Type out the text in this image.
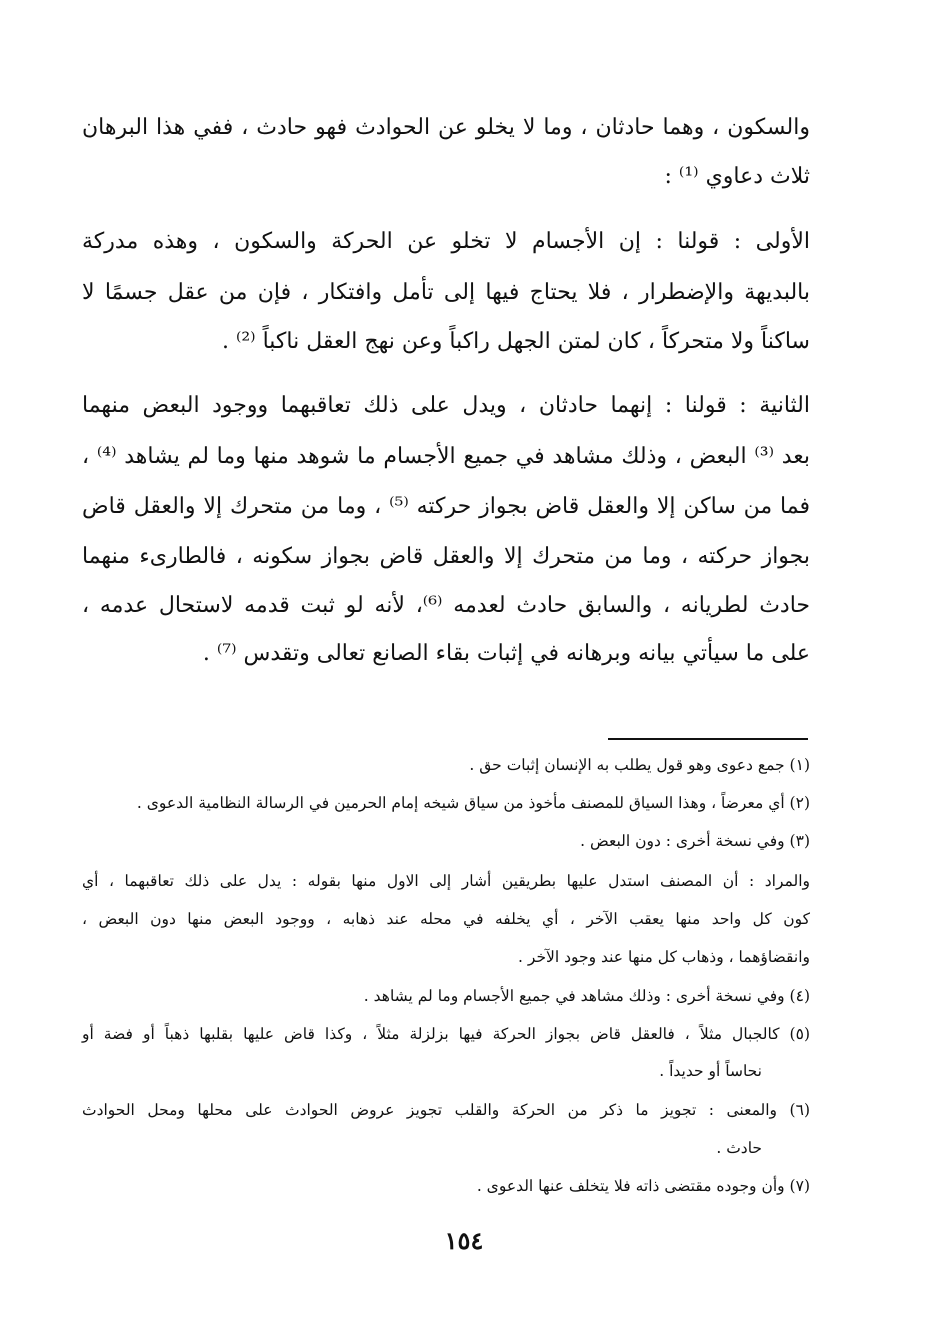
والسكون ، وهما حادثان ، وما لا يخلو عن الحوادث فهو حادث ، ففي هذا البرهان
ثلاث دعاوي ⁽¹⁾ :
الأولى : قولنا : إن الأجسام لا تخلو عن الحركة والسكون ، وهذه مدركة
بالبديهة والإضطرار ، فلا يحتاج فيها إلى تأمل وافتكار ، فإن من عقل جسمًا لا
ساكناً ولا متحركاً ، كان لمتن الجهل راكباً وعن نهج العقل ناكباً ⁽²⁾ .
الثانية : قولنا : إنهما حادثان ، ويدل على ذلك تعاقبهما ووجود البعض منهما
بعد ⁽³⁾ البعض ، وذلك مشاهد في جميع الأجسام ما شوهد منها وما لم يشاهد ⁽⁴⁾ ،
فما من ساكن إلا والعقل قاض بجواز حركته ⁽⁵⁾ ، وما من متحرك إلا والعقل قاض
بجواز حركته ، وما من متحرك إلا والعقل قاض بجواز سكونه ، فالطارىء منهما
حادث لطريانه ، والسابق حادث لعدمه ⁽⁶⁾، لأنه لو ثبت قدمه لاستحال عدمه ،
على ما سيأتي بيانه وبرهانه في إثبات بقاء الصانع تعالى وتقدس ⁽⁷⁾ .
(١) جمع دعوى وهو قول يطلب به الإنسان إثبات حق .
(٢) أي معرضاً ، وهذا السياق للمصنف مأخوذ من سياق شيخه إمام الحرمين في الرسالة النظامية الدعوى .
(٣) وفي نسخة أخرى : دون البعض .
والمراد : أن المصنف استدل عليها بطريقين أشار إلى الاول منها بقوله : يدل على ذلك تعاقبهما ، أي
كون كل واحد منها يعقب الآخر ، أي يخلفه في محله عند ذهابه ، ووجود البعض منها دون البعض ،
وانقضاؤهما ، وذهاب كل منها عند وجود الآخر .
(٤) وفي نسخة أخرى : وذلك مشاهد في جميع الأجسام وما لم يشاهد .
(٥) كالجبال مثلاً ، فالعقل قاض بجواز الحركة فيها بزلزلة مثلاً ، وكذا قاض عليها بقلبها ذهباً أو فضة أو
نحاساً أو حديداً .
(٦) والمعنى : تجويز ما ذكر من الحركة والقلب تجويز عروض الحوادث على محلها ومحل الحوادث
حادث .
(٧) وأن وجوده مقتضى ذاته فلا يتخلف عنها الدعوى .
١٥٤
